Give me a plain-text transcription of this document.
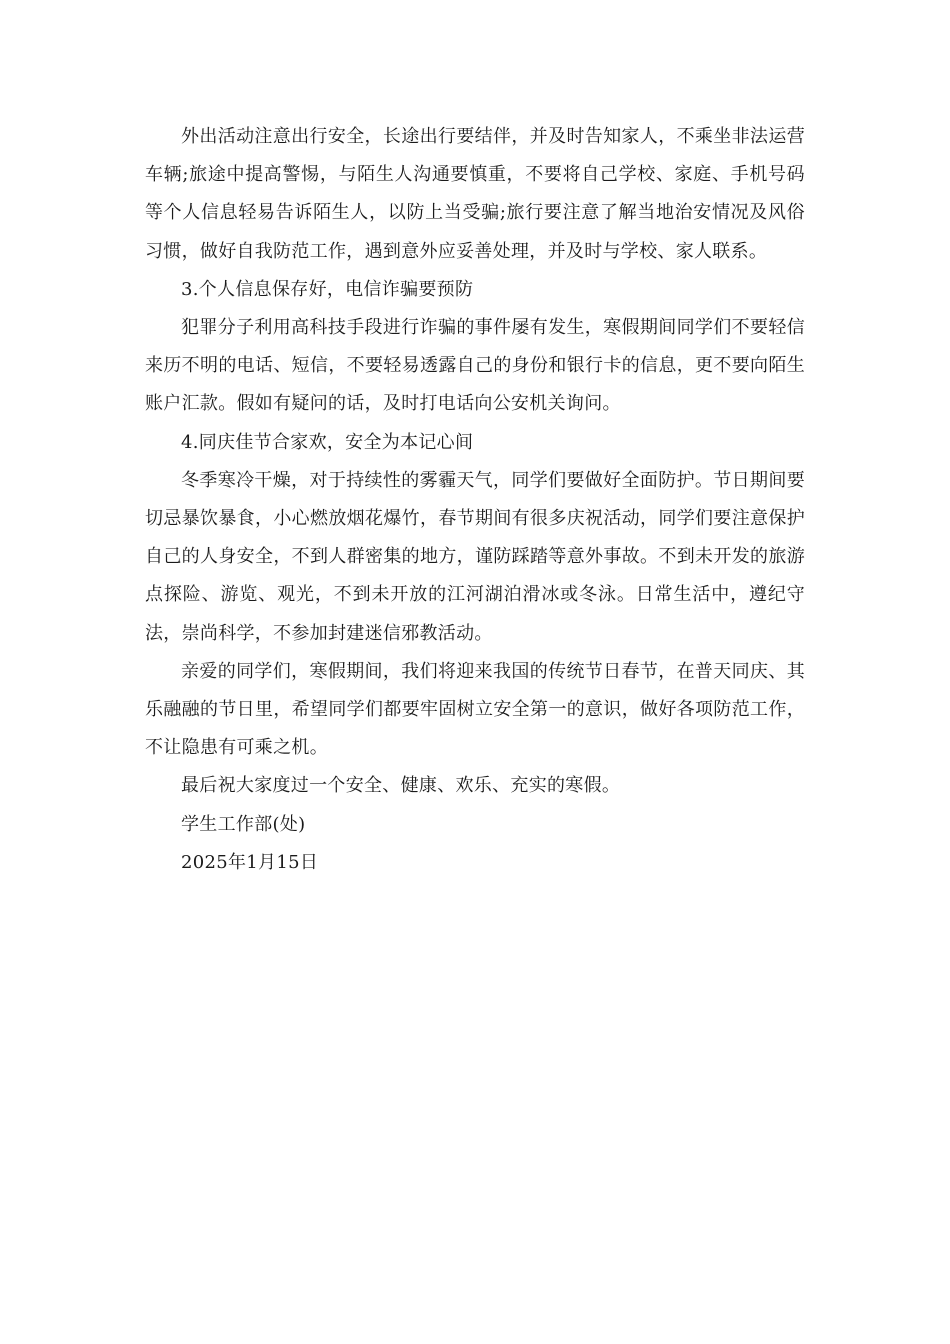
外出活动注意出行安全，长途出行要结伴，并及时告知家人，不乘坐非法运营车辆;旅途中提高警惕，与陌生人沟通要慎重，不要将自己学校、家庭、手机号码等个人信息轻易告诉陌生人，以防上当受骗;旅行要注意了解当地治安情况及风俗习惯，做好自我防范工作，遇到意外应妥善处理，并及时与学校、家人联系。

3.个人信息保存好，电信诈骗要预防

犯罪分子利用高科技手段进行诈骗的事件屡有发生，寒假期间同学们不要轻信来历不明的电话、短信，不要轻易透露自己的身份和银行卡的信息，更不要向陌生账户汇款。假如有疑问的话，及时打电话向公安机关询问。

4.同庆佳节合家欢，安全为本记心间

冬季寒冷干燥，对于持续性的雾霾天气，同学们要做好全面防护。节日期间要切忌暴饮暴食，小心燃放烟花爆竹，春节期间有很多庆祝活动，同学们要注意保护自己的人身安全，不到人群密集的地方，谨防踩踏等意外事故。不到未开发的旅游点探险、游览、观光，不到未开放的江河湖泊滑冰或冬泳。日常生活中，遵纪守法，崇尚科学，不参加封建迷信邪教活动。

亲爱的同学们，寒假期间，我们将迎来我国的传统节日春节，在普天同庆、其乐融融的节日里，希望同学们都要牢固树立安全第一的意识，做好各项防范工作，不让隐患有可乘之机。

最后祝大家度过一个安全、健康、欢乐、充实的寒假。

学生工作部(处)

2025年1月15日
